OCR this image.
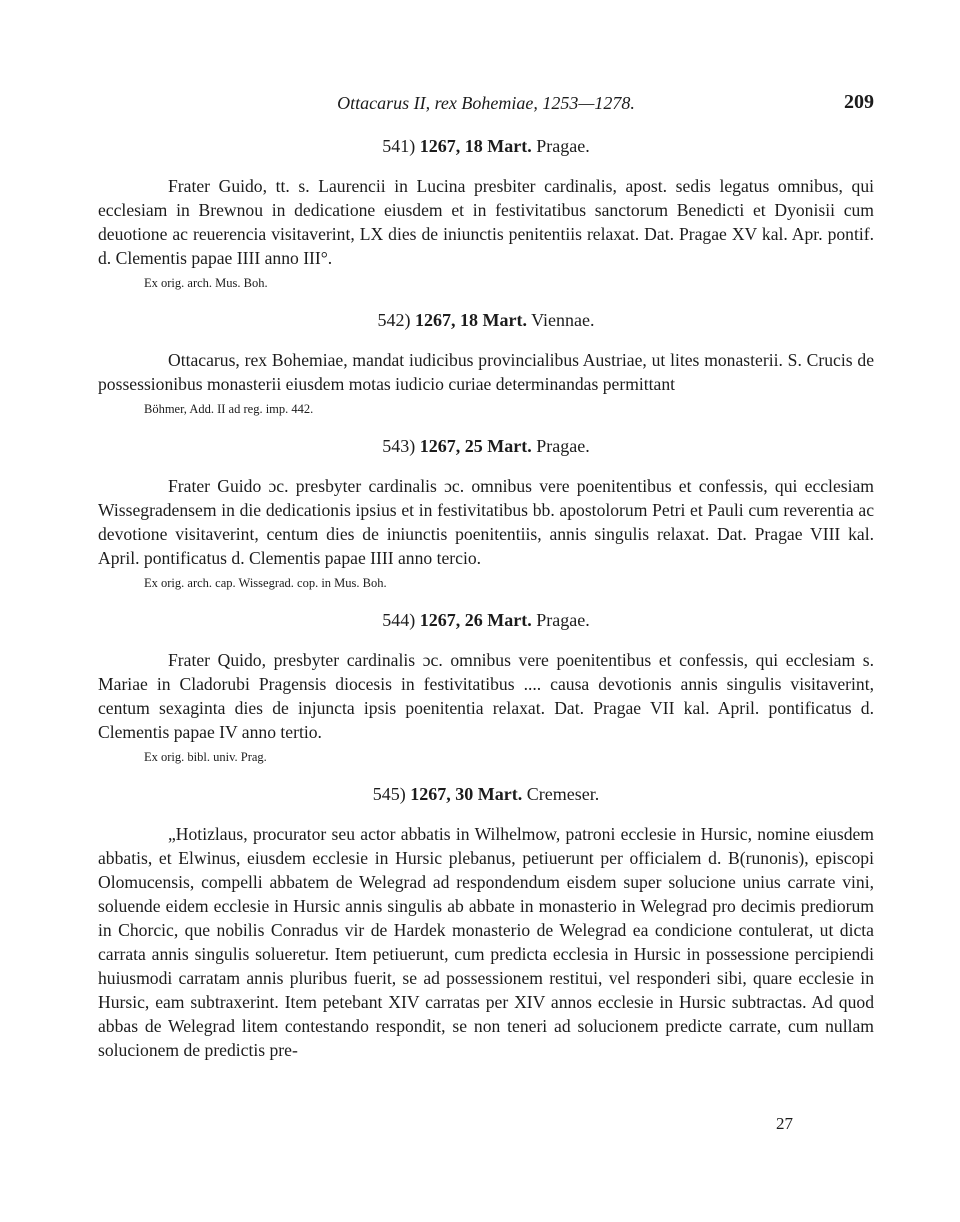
Ottacarus II, rex Bohemiae, 1253—1278.	209
541) 1267, 18 Mart. Pragae.

Frater Guido, tt. s. Laurencii in Lucina presbiter cardinalis, apost. sedis legatus omnibus, qui ecclesiam in Brewnou in dedicatione eiusdem et in festivitatibus sanctorum Benedicti et Dyonisii cum deuotione ac reuerencia visitaverint, LX dies de iniunctis penitentiis relaxat. Dat. Pragae XV kal. Apr. pontif. d. Clementis papae IIII anno III°.

Ex orig. arch. Mus. Boh.
542) 1267, 18 Mart. Viennae.

Ottacarus, rex Bohemiae, mandat iudicibus provincialibus Austriae, ut lites monasterii. S. Crucis de possessionibus monasterii eiusdem motas iudicio curiae determinandas permittant

Böhmer, Add. II ad reg. imp. 442.
543) 1267, 25 Mart. Pragae.

Frater Guido ɔc. presbyter cardinalis ɔc. omnibus vere poenitentibus et confessis, qui ecclesiam Wissegradensem in die dedicationis ipsius et in festivitatibus bb. apostolorum Petri et Pauli cum reverentia ac devotione visitaverint, centum dies de iniunctis poenitentiis, annis singulis relaxat. Dat. Pragae VIII kal. April. pontificatus d. Clementis papae IIII anno tercio.

Ex orig. arch. cap. Wissegrad. cop. in Mus. Boh.
544) 1267, 26 Mart. Pragae.

Frater Quido, presbyter cardinalis ɔc. omnibus vere poenitentibus et confessis, qui ecclesiam s. Mariae in Cladorubi Pragensis diocesis in festivitatibus .... causa devotionis annis singulis visitaverint, centum sexaginta dies de injuncta ipsis poenitentia relaxat. Dat. Pragae VII kal. April. pontificatus d. Clementis papae IV anno tertio.

Ex orig. bibl. univ. Prag.
545) 1267, 30 Mart. Cremeser.

„Hotizlaus, procurator seu actor abbatis in Wilhelmow, patroni ecclesie in Hursic, nomine eiusdem abbatis, et Elwinus, eiusdem ecclesie in Hursic plebanus, petiuerunt per officialem d. B(runonis), episcopi Olomucensis, compelli abbatem de Welegrad ad respondendum eisdem super solucione unius carrate vini, soluende eidem ecclesie in Hursic annis singulis ab abbate in monasterio in Welegrad pro decimis prediorum in Chorcic, que nobilis Conradus vir de Hardek monasterio de Welegrad ea condicione contulerat, ut dicta carrata annis singulis solueretur. Item petiuerunt, cum predicta ecclesia in Hursic in possessione percipiendi huiusmodi carratam annis pluribus fuerit, se ad possessionem restitui, vel responderi sibi, quare ecclesie in Hursic, eam subtraxerint. Item petebant XIV carratas per XIV annos ecclesie in Hursic subtractas. Ad quod abbas de Welegrad litem contestando respondit, se non teneri ad solucionem predicte carrate, cum nullam solucionem de predictis pre-

27
